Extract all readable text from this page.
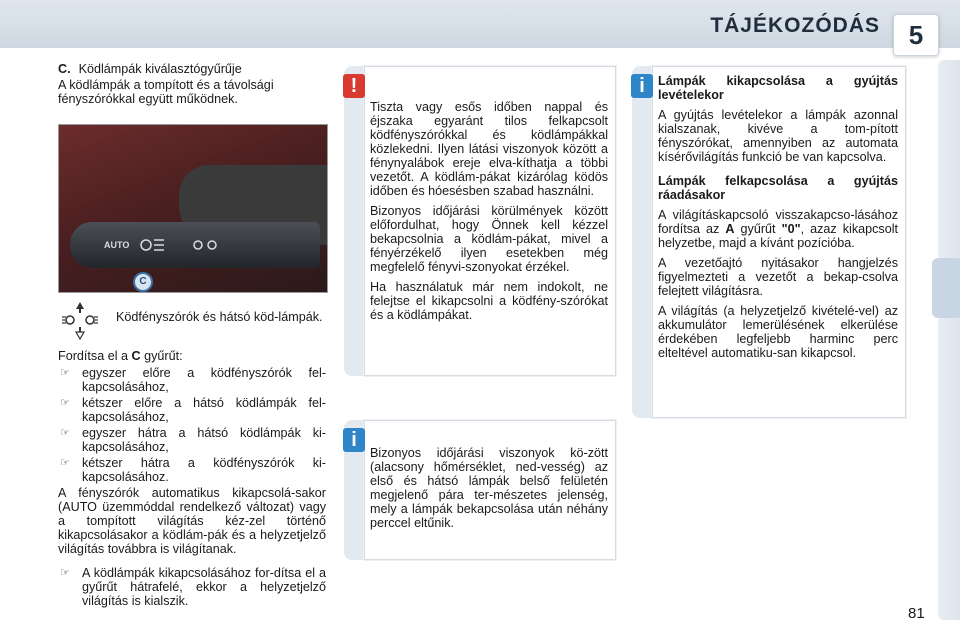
TÁJÉKOZÓDÁS	5
C. Ködlámpák kiválasztógyűrűje
A ködlámpák a tompított és a távolsági fényszórókkal együtt működnek.
AUTO
C
Ködfényszórók és hátsó köd-lámpák.
Fordítsa el a C gyűrűt:
☞ egyszer előre a ködfényszórók fel-kapcsolásához,
☞ kétszer előre a hátsó ködlámpák fel-kapcsolásához,
☞ egyszer hátra a hátsó ködlámpák ki-kapcsolásához,
☞ kétszer hátra a ködfényszórók ki-kapcsolásához.
A fényszórók automatikus kikapcsolá-sakor (AUTO üzemmóddal rendelkező változat) vagy a tompított világítás kéz-zel történő kikapcsolásakor a ködlám-pák és a helyzetjelző világítás továbbra is világítanak.
☞ A ködlámpák kikapcsolásához for-dítsa el a gyűrűt hátrafelé, ekkor a helyzetjelző világítás is kialszik.
!

Tiszta vagy esős időben nappal és éjszaka egyaránt tilos felkapcsolt ködfényszórókkal és ködlámpákkal közlekedni. Ilyen látási viszonyok között a fénynyalábok ereje elva-kíthatja a többi vezetőt. A ködlám-pákat kizárólag ködös időben és hóesésben szabad használni.

Bizonyos időjárási körülmények között előfordulhat, hogy Önnek kell kézzel bekapcsolnia a ködlám-pákat, mivel a fényérzékelő ilyen esetekben még megfelelő fényvi-szonyokat érzékel.

Ha használatuk már nem indokolt, ne felejtse el kikapcsolni a ködfény-szórókat és a ködlámpákat.

i
Bizonyos időjárási viszonyok kö-zött (alacsony hőmérséklet, ned-vesség) az első és hátsó lámpák belső felületén megjelenő pára ter-mészetes jelenség, mely a lámpák bekapcsolása után néhány perccel eltűnik.
i	Lámpák kikapcsolása a gyújtás levételekor

A gyújtás levételekor a lámpák azonnal kialszanak, kivéve a tom-pított fényszórókat, amennyiben az automata kísérővilágítás funkció be van kapcsolva.

Lámpák felkapcsolása a gyújtás ráadásakor

A világításkapcsoló visszakapcso-lásához fordítsa az A gyűrűt "0", azaz kikapcsolt helyzetbe, majd a kívánt pozícióba.

A vezetőajtó nyitásakor hangjelzés figyelmezteti a vezetőt a bekap-csolva felejtett világításra.

A világítás (a helyzetjelző kivételé-vel) az akkumulátor lemerülésének elkerülése érdekében legfeljebb harminc perc elteltével automatiku-san kikapcsol.

81
